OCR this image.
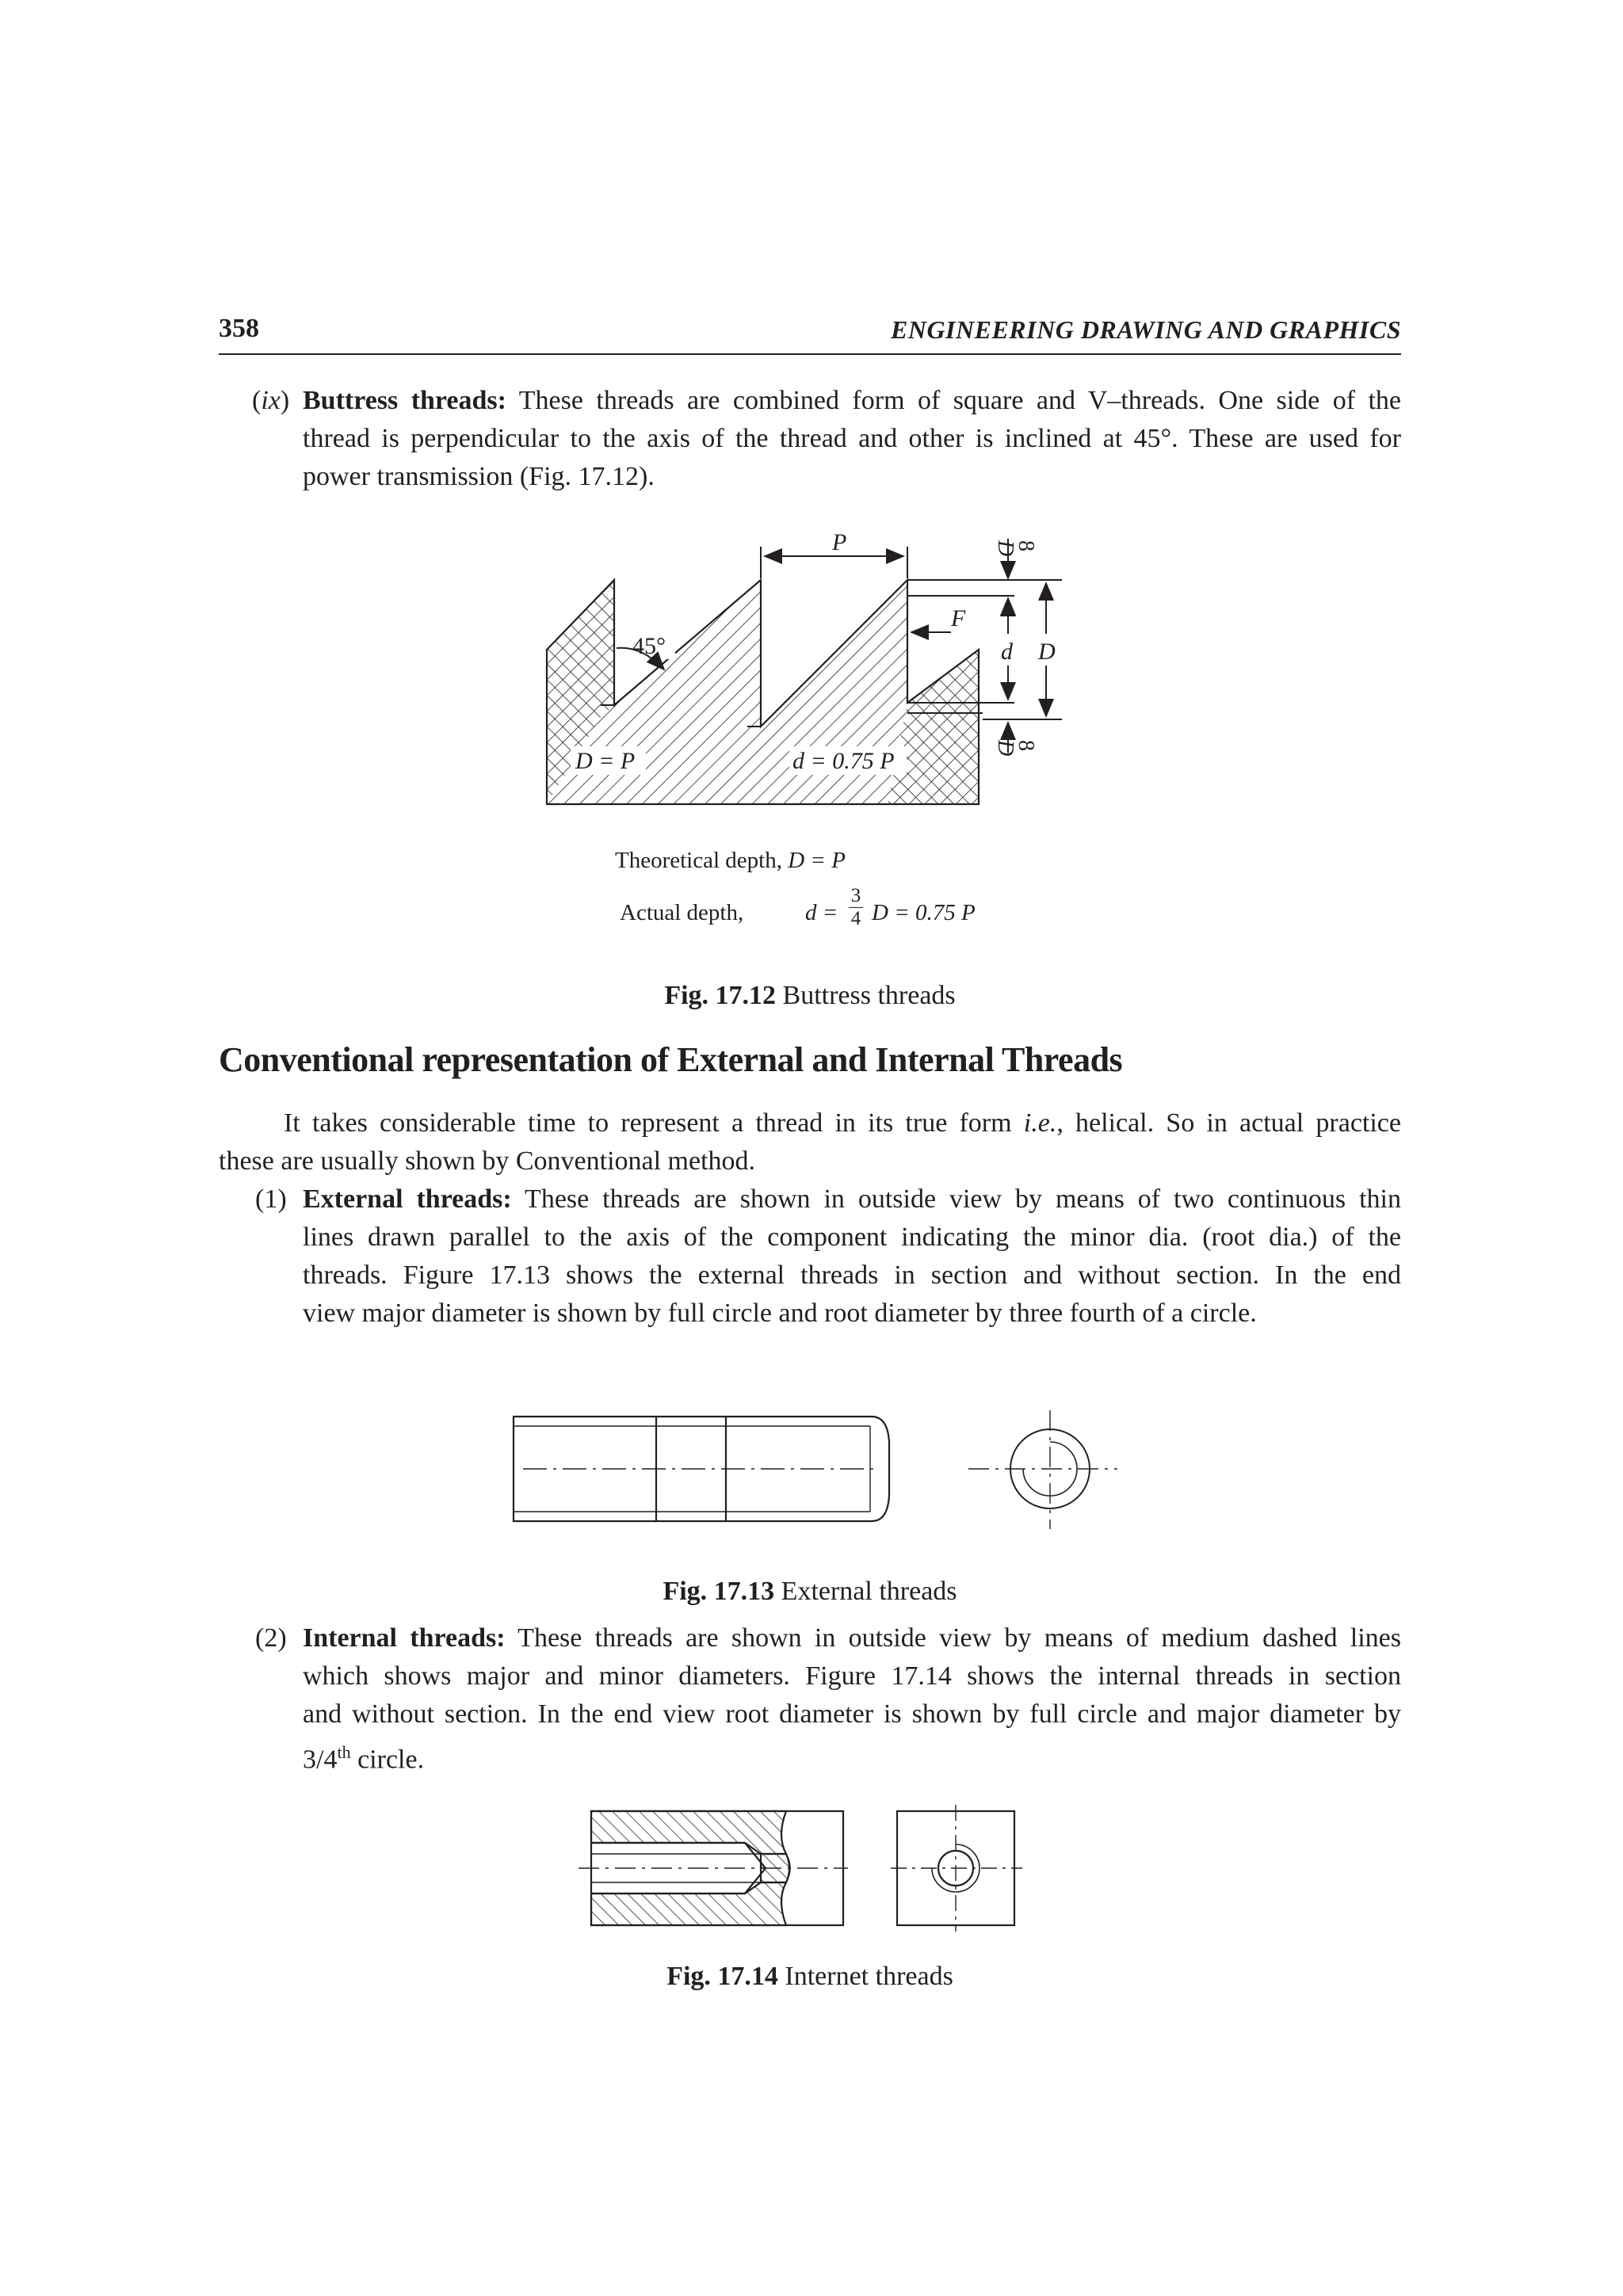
358	ENGINEERING DRAWING AND GRAPHICS
(ix) Buttress threads: These threads are combined form of square and V–threads. One side of the
thread is perpendicular to the axis of the thread and other is inclined at 45°. These are used for
power transmission (Fig. 17.12).
D = P	d = 0.75 P
45°
P
F
D
8
d D
D
8
Theoretical depth, D = P
Actual depth,	d =
3
4 D = 0.75 P
Fig. 17.12 Buttress threads
Conventional representation of External and Internal Threads
It takes considerable time to represent a thread in its true form i.e., helical. So in actual practice
these are usually shown by Conventional method.
(1) External threads: These threads are shown in outside view by means of two continuous thin
lines drawn parallel to the axis of the component indicating the minor dia. (root dia.) of the
threads. Figure 17.13 shows the external threads in section and without section. In the end
view major diameter is shown by full circle and root diameter by three fourth of a circle.
Fig. 17.13 External threads
(2) Internal threads: These threads are shown in outside view by means of medium dashed lines
which shows major and minor diameters. Figure 17.14 shows the internal threads in section
and without section. In the end view root diameter is shown by full circle and major diameter by
3/4th circle.
Fig. 17.14 Internet threads
